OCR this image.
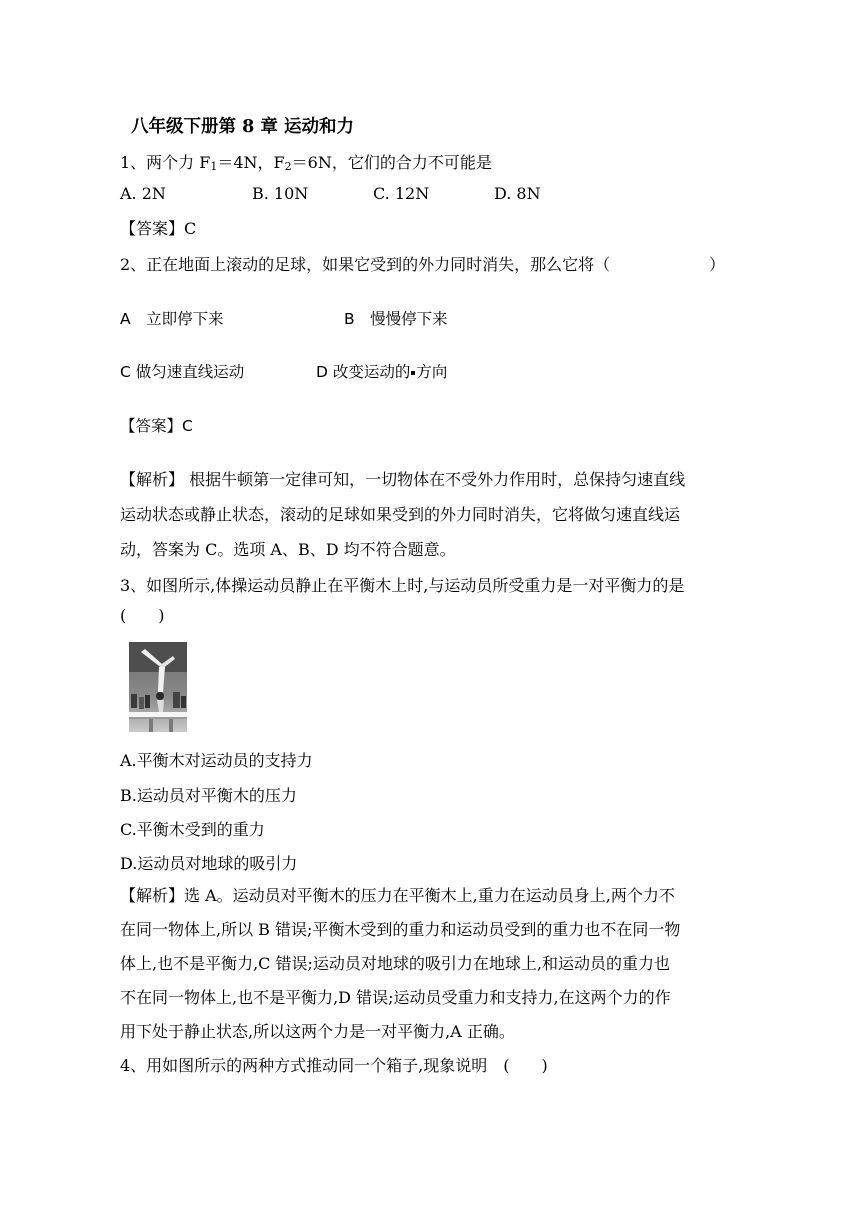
八年级下册第 8 章 运动和力
1、两个力 $F_1=4N$，$F_2=6N$，它们的合力不可能是
A. 2N	B. 10N	C. 12N	D. 8N
【答案】C
2、正在地面上滚动的足球，如果它受到的外力同时消失，那么它将（	）
A　立即停下来	B　慢慢停下来
C 做匀速直线运动	D 改变运动的 方向
【答案】C
【解析】 根据牛顿第一定律可知，一切物体在不受外力作用时，总保持匀速直线
运动状态或静止状态，滚动的足球如果受到的外力同时消失，它将做匀速直线运
动，答案为 C。选项 A、B、D 均不符合题意。
3、如图所示,体操运动员静止在平衡木上时,与运动员所受重力是一对平衡力的是
(　　)
A.平衡木对运动员的支持力
B.运动员对平衡木的压力
C.平衡木受到的重力
D.运动员对地球的吸引力
【解析】选 A。运动员对平衡木的压力在平衡木上,重力在运动员身上,两个力不
在同一物体上,所以 B 错误;平衡木受到的重力和运动员受到的重力也不在同一物
体上,也不是平衡力,C 错误;运动员对地球的吸引力在地球上,和运动员的重力也
不在同一物体上,也不是平衡力,D 错误;运动员受重力和支持力,在这两个力的作
用下处于静止状态,所以这两个力是一对平衡力,A 正确。
4、用如图所示的两种方式推动同一个箱子,现象说明　(　　)
